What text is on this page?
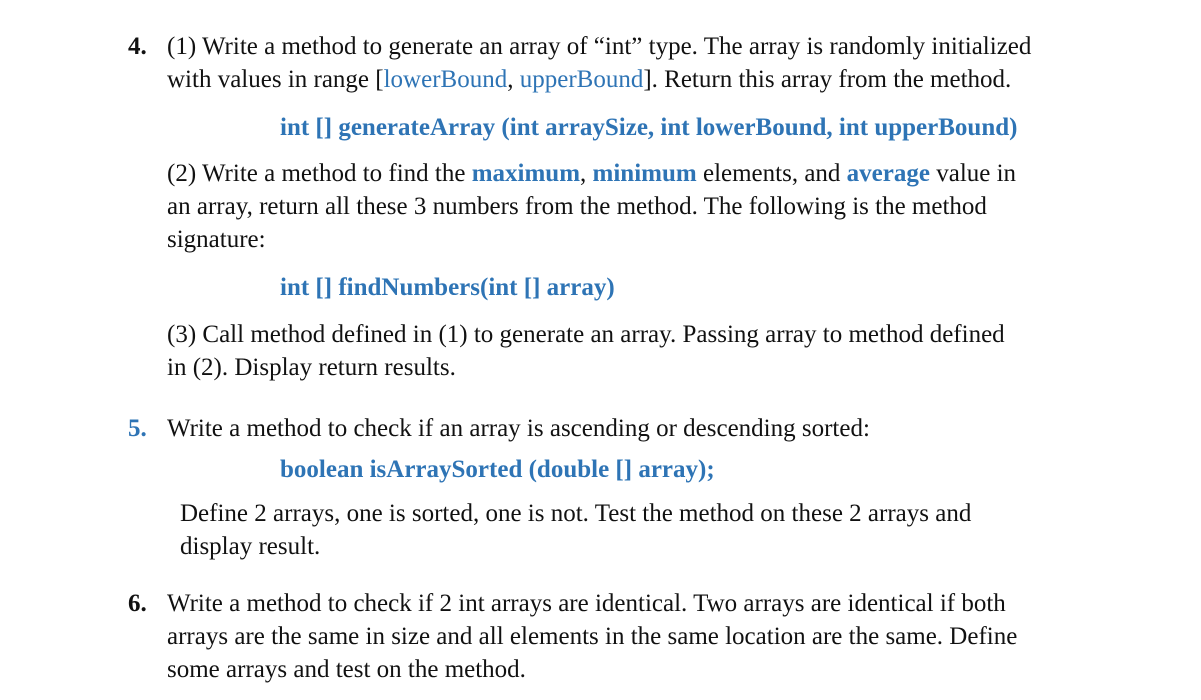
4. (1) Write a method to generate an array of “int” type. The array is randomly initialized
with values in range [lowerBound, upperBound]. Return this array from the method.
int [] generateArray (int arraySize, int lowerBound, int upperBound)
(2) Write a method to find the maximum, minimum elements, and average value in
an array, return all these 3 numbers from the method. The following is the method
signature:
int [] findNumbers(int [] array)
(3) Call method defined in (1) to generate an array. Passing array to method defined
in (2). Display return results.
5. Write a method to check if an array is ascending or descending sorted:
boolean isArraySorted (double [] array);
Define 2 arrays, one is sorted, one is not. Test the method on these 2 arrays and
display result.
6. Write a method to check if 2 int arrays are identical. Two arrays are identical if both
arrays are the same in size and all elements in the same location are the same. Define
some arrays and test on the method.
